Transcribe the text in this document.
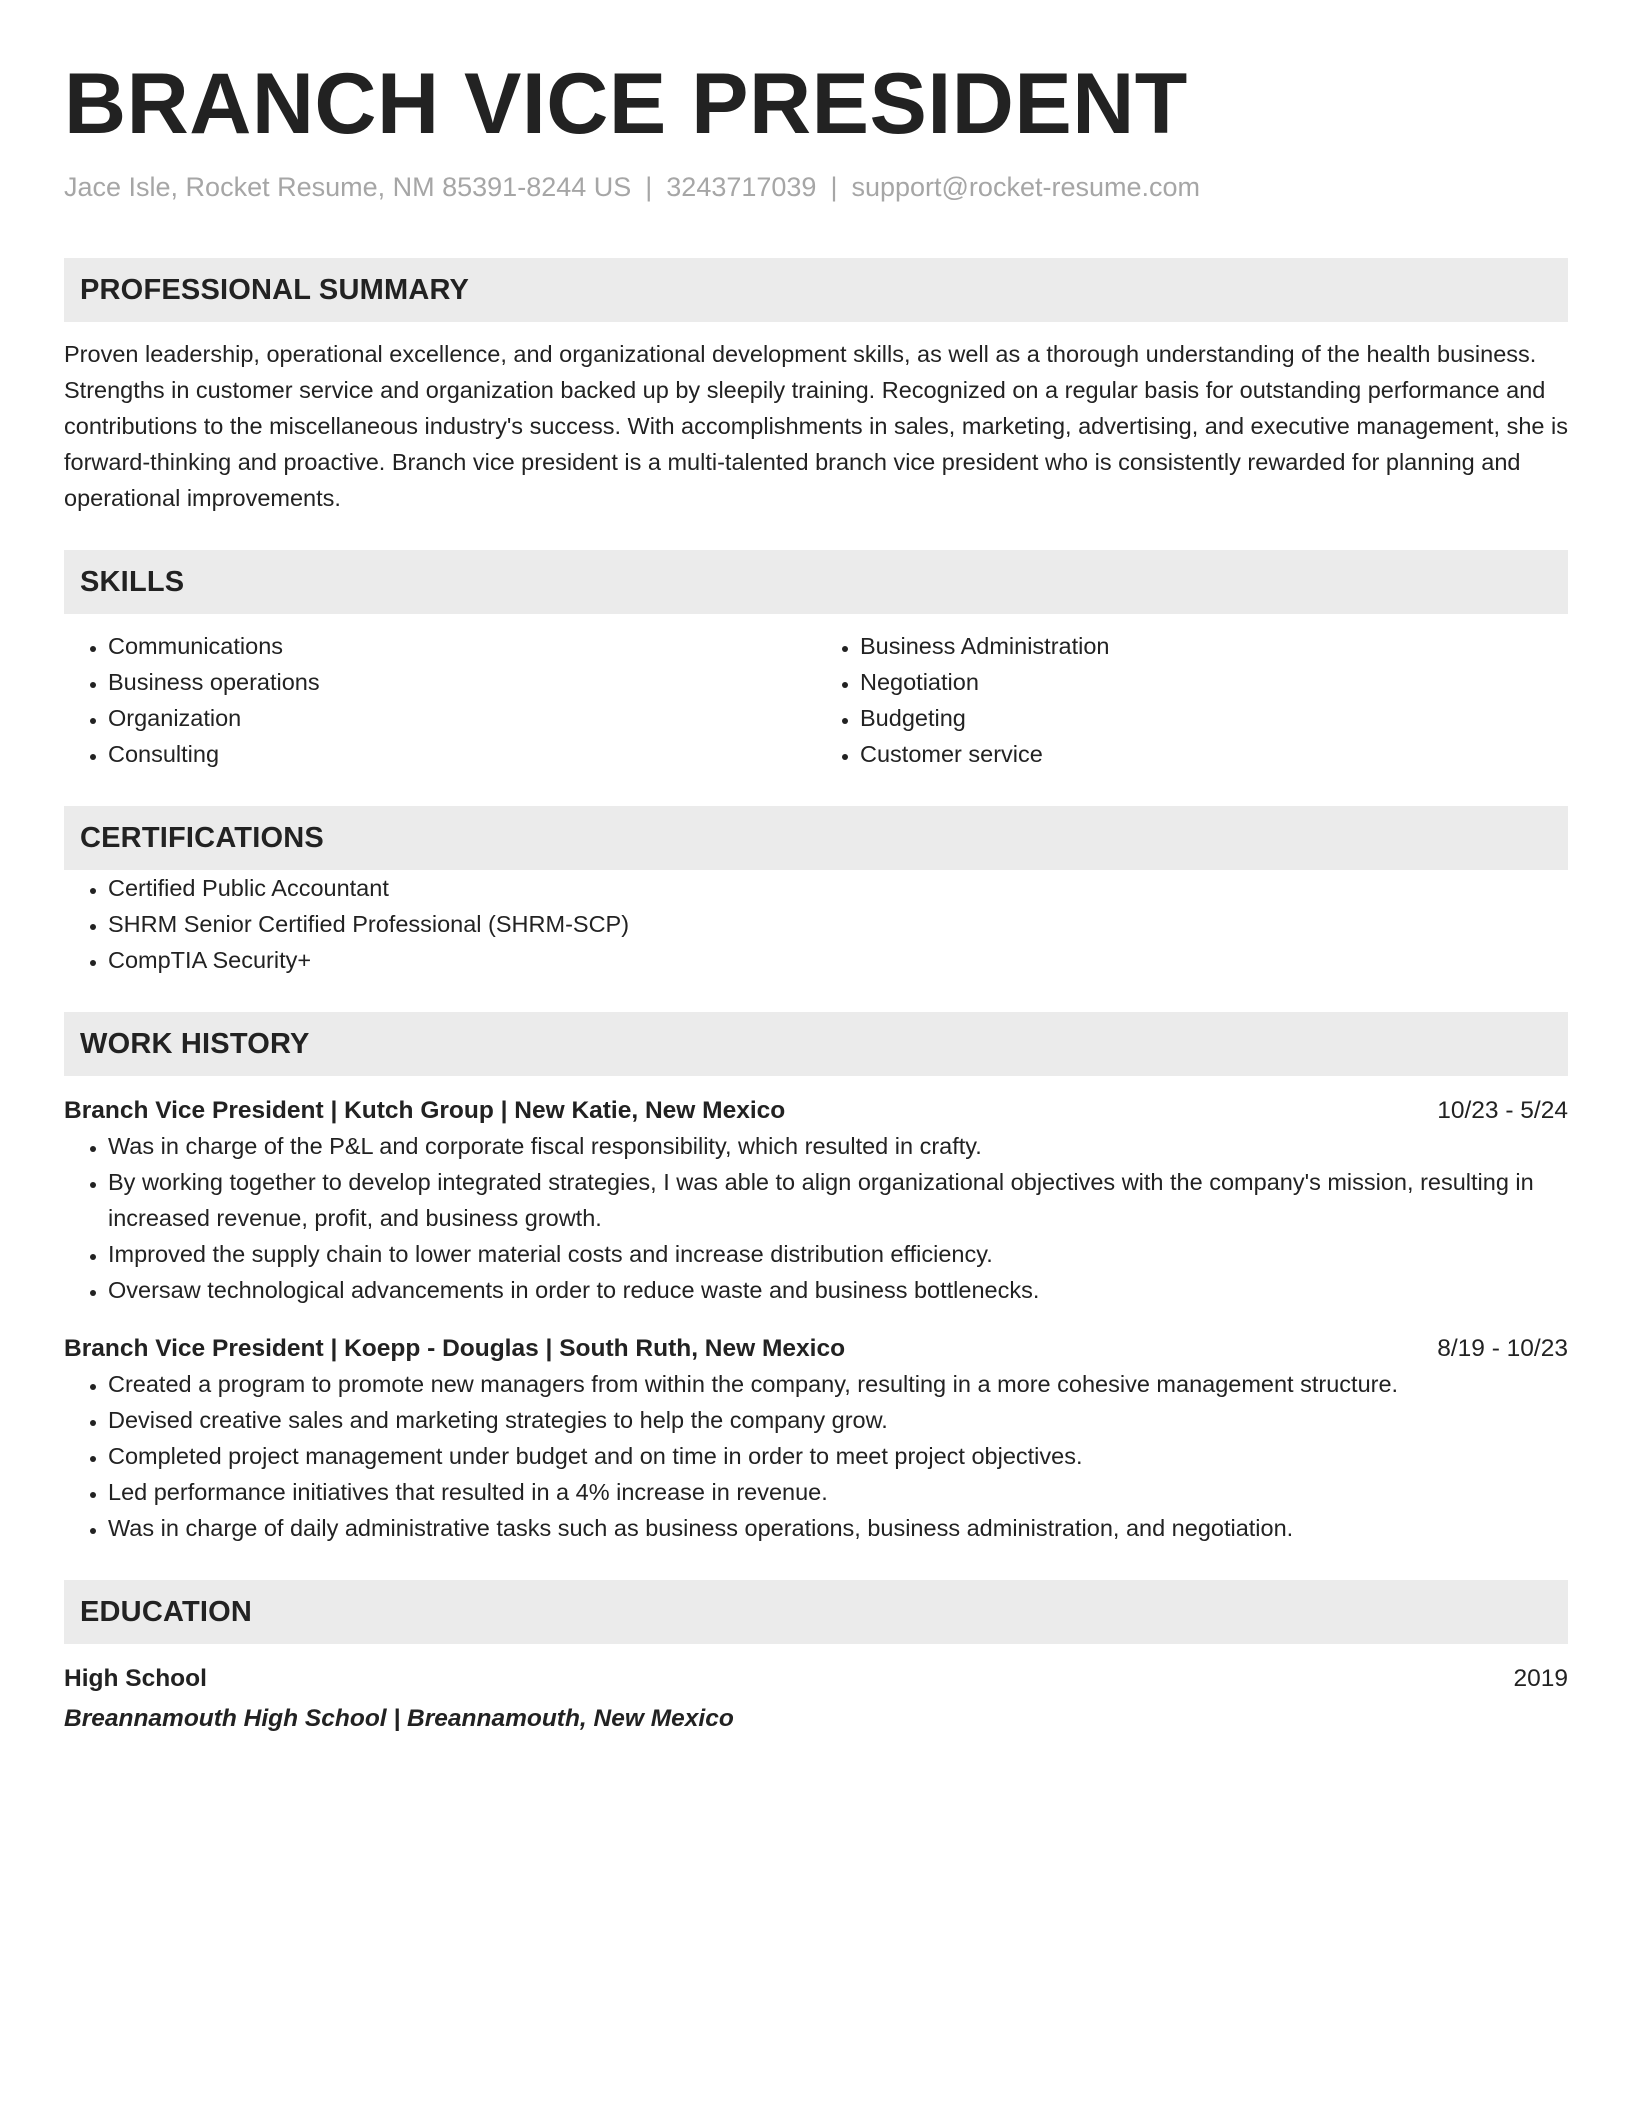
BRANCH VICE PRESIDENT
Jace Isle, Rocket Resume, NM 85391-8244 US | 3243717039 | support@rocket-resume.com
PROFESSIONAL SUMMARY

Proven leadership, operational excellence, and organizational development skills, as well as a thorough understanding of the health business. Strengths in customer service and organization backed up by sleepily training. Recognized on a regular basis for outstanding performance and contributions to the miscellaneous industry's success. With accomplishments in sales, marketing, advertising, and executive management, she is forward-thinking and proactive. Branch vice president is a multi-talented branch vice president who is consistently rewarded for planning and operational improvements.

SKILLS
• Communications
• Business operations
• Organization
• Consulting
• Business Administration
• Negotiation
• Budgeting
• Customer service
CERTIFICATIONS
• Certified Public Accountant
• SHRM Senior Certified Professional (SHRM-SCP)
• CompTIA Security+
WORK HISTORY
Branch Vice President | Kutch Group | New Katie, New Mexico	10/23 - 5/24
• Was in charge of the P&L and corporate fiscal responsibility, which resulted in crafty.
• By working together to develop integrated strategies, I was able to align organizational objectives with the company's mission, resulting in increased revenue, profit, and business growth.
• Improved the supply chain to lower material costs and increase distribution efficiency.
• Oversaw technological advancements in order to reduce waste and business bottlenecks.
Branch Vice President | Koepp - Douglas | South Ruth, New Mexico	8/19 - 10/23
• Created a program to promote new managers from within the company, resulting in a more cohesive management structure.
• Devised creative sales and marketing strategies to help the company grow.
• Completed project management under budget and on time in order to meet project objectives.
• Led performance initiatives that resulted in a 4% increase in revenue.
• Was in charge of daily administrative tasks such as business operations, business administration, and negotiation.
EDUCATION
High School	2019
Breannamouth High School | Breannamouth, New Mexico
